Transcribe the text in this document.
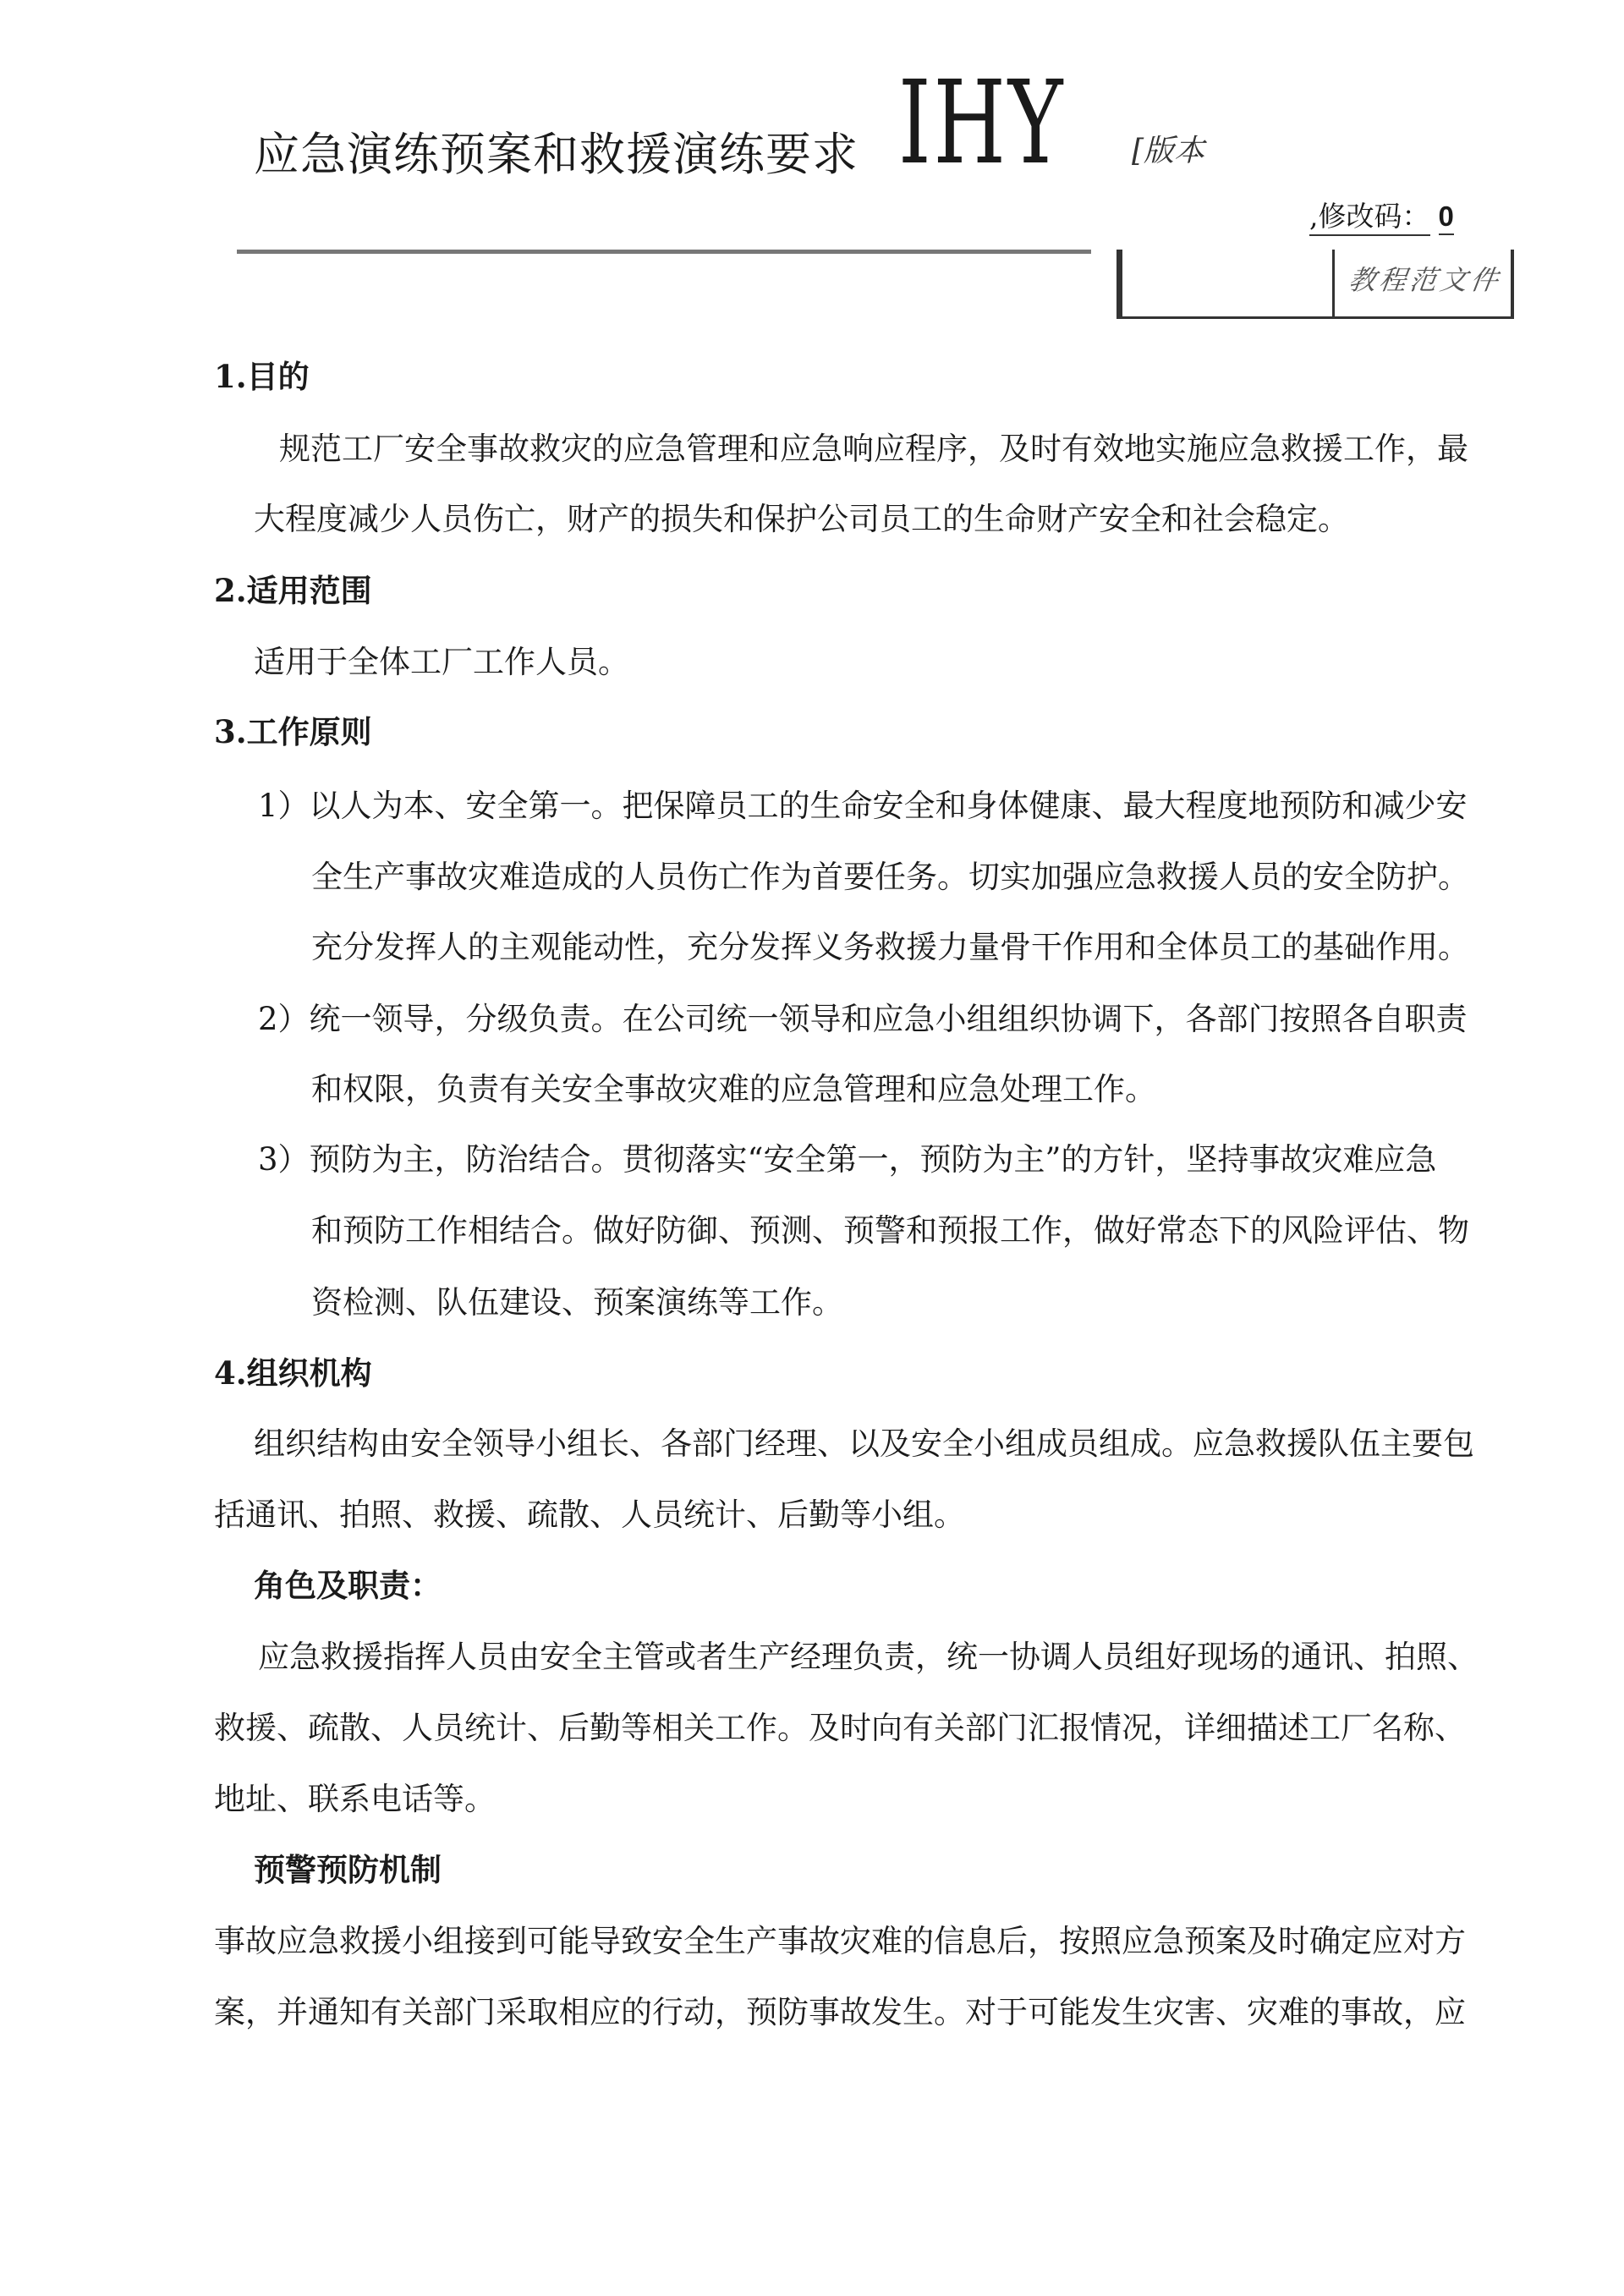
应急演练预案和救援演练要求 IHY [版本
,修改码： 0
教程范文件
1.目的
规范工厂安全事故救灾的应急管理和应急响应程序，及时有效地实施应急救援工作，最
大程度减少人员伤亡，财产的损失和保护公司员工的生命财产安全和社会稳定。
2.适用范围
适用于全体工厂工作人员。
3.工作原则
1）以人为本、安全第一。把保障员工的生命安全和身体健康、最大程度地预防和减少安
全生产事故灾难造成的人员伤亡作为首要任务。切实加强应急救援人员的安全防护。
充分发挥人的主观能动性，充分发挥义务救援力量骨干作用和全体员工的基础作用。
2）统一领导，分级负责。在公司统一领导和应急小组组织协调下，各部门按照各自职责
和权限，负责有关安全事故灾难的应急管理和应急处理工作。
3）预防为主，防治结合。贯彻落实“安全第一，预防为主”的方针，坚持事故灾难应急
和预防工作相结合。做好防御、预测、预警和预报工作，做好常态下的风险评估、物
资检测、队伍建设、预案演练等工作。
4.组织机构
组织结构由安全领导小组长、各部门经理、以及安全小组成员组成。应急救援队伍主要包
括通讯、拍照、救援、疏散、人员统计、后勤等小组。
角色及职责：
应急救援指挥人员由安全主管或者生产经理负责，统一协调人员组好现场的通讯、拍照、
救援、疏散、人员统计、后勤等相关工作。及时向有关部门汇报情况，详细描述工厂名称、
地址、联系电话等。
预警预防机制
事故应急救援小组接到可能导致安全生产事故灾难的信息后，按照应急预案及时确定应对方
案，并通知有关部门采取相应的行动，预防事故发生。对于可能发生灾害、灾难的事故，应
